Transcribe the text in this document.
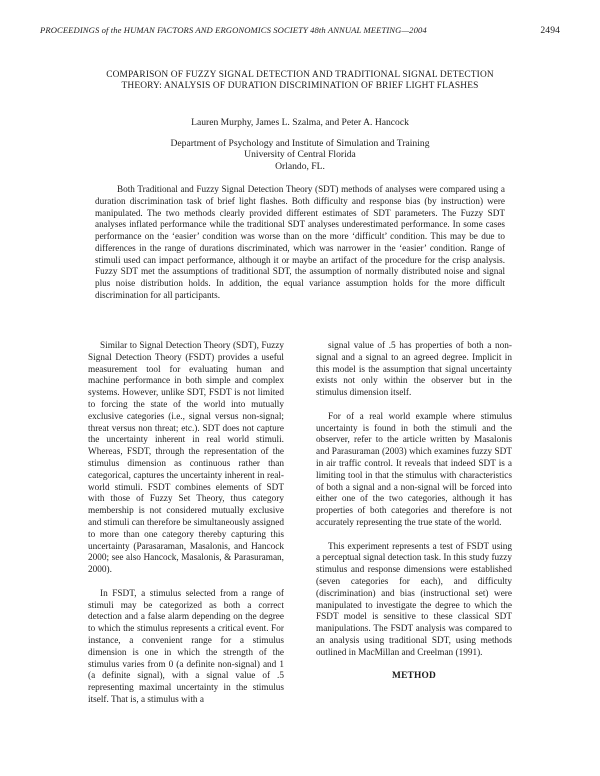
PROCEEDINGS of the HUMAN FACTORS AND ERGONOMICS SOCIETY 48th ANNUAL MEETING—2004	2494
COMPARISON OF FUZZY SIGNAL DETECTION AND TRADITIONAL SIGNAL DETECTION THEORY: ANALYSIS OF DURATION DISCRIMINATION OF BRIEF LIGHT FLASHES
Lauren Murphy, James L. Szalma, and Peter A. Hancock
Department of Psychology and Institute of Simulation and Training
University of Central Florida
Orlando, FL.

Both Traditional and Fuzzy Signal Detection Theory (SDT) methods of analyses were compared using a duration discrimination task of brief light flashes. Both difficulty and response bias (by instruction) were manipulated. The two methods clearly provided different estimates of SDT parameters. The Fuzzy SDT analyses inflated performance while the traditional SDT analyses underestimated performance. In some cases performance on the ‘easier’ condition was worse than on the more ‘difficult’ condition. This may be due to differences in the range of durations discriminated, which was narrower in the ‘easier’ condition. Range of stimuli used can impact performance, although it or maybe an artifact of the procedure for the crisp analysis. Fuzzy SDT met the assumptions of traditional SDT, the assumption of normally distributed noise and signal plus noise distribution holds. In addition, the equal variance assumption holds for the more difficult discrimination for all participants.

Similar to Signal Detection Theory (SDT), Fuzzy Signal Detection Theory (FSDT) provides a useful measurement tool for evaluating human and machine performance in both simple and complex systems. However, unlike SDT, FSDT is not limited to forcing the state of the world into mutually exclusive categories (i.e., signal versus non-signal; threat versus non threat; etc.). SDT does not capture the uncertainty inherent in real world stimuli. Whereas, FSDT, through the representation of the stimulus dimension as continuous rather than categorical, captures the uncertainty inherent in real-world stimuli. FSDT combines elements of SDT with those of Fuzzy Set Theory, thus category membership is not considered mutually exclusive and stimuli can therefore be simultaneously assigned to more than one category thereby capturing this uncertainty (Parasaraman, Masalonis, and Hancock 2000; see also Hancock, Masalonis, & Parasuraman, 2000).

In FSDT, a stimulus selected from a range of stimuli may be categorized as both a correct detection and a false alarm depending on the degree to which the stimulus represents a critical event. For instance, a convenient range for a stimulus dimension is one in which the strength of the stimulus varies from 0 (a definite non-signal) and 1 (a definite signal), with a signal value of .5 representing maximal uncertainty in the stimulus itself. That is, a stimulus with a

signal value of .5 has properties of both a non-signal and a signal to an agreed degree. Implicit in this model is the assumption that signal uncertainty exists not only within the observer but in the stimulus dimension itself.

For of a real world example where stimulus uncertainty is found in both the stimuli and the observer, refer to the article written by Masalonis and Parasuraman (2003) which examines fuzzy SDT in air traffic control. It reveals that indeed SDT is a limiting tool in that the stimulus with characteristics of both a signal and a non-signal will be forced into either one of the two categories, although it has properties of both categories and therefore is not accurately representing the true state of the world.

This experiment represents a test of FSDT using a perceptual signal detection task. In this study fuzzy stimulus and response dimensions were established (seven categories for each), and difficulty (discrimination) and bias (instructional set) were manipulated to investigate the degree to which the FSDT model is sensitive to these classical SDT manipulations. The FSDT analysis was compared to an analysis using traditional SDT, using methods outlined in MacMillan and Creelman (1991).

METHOD
